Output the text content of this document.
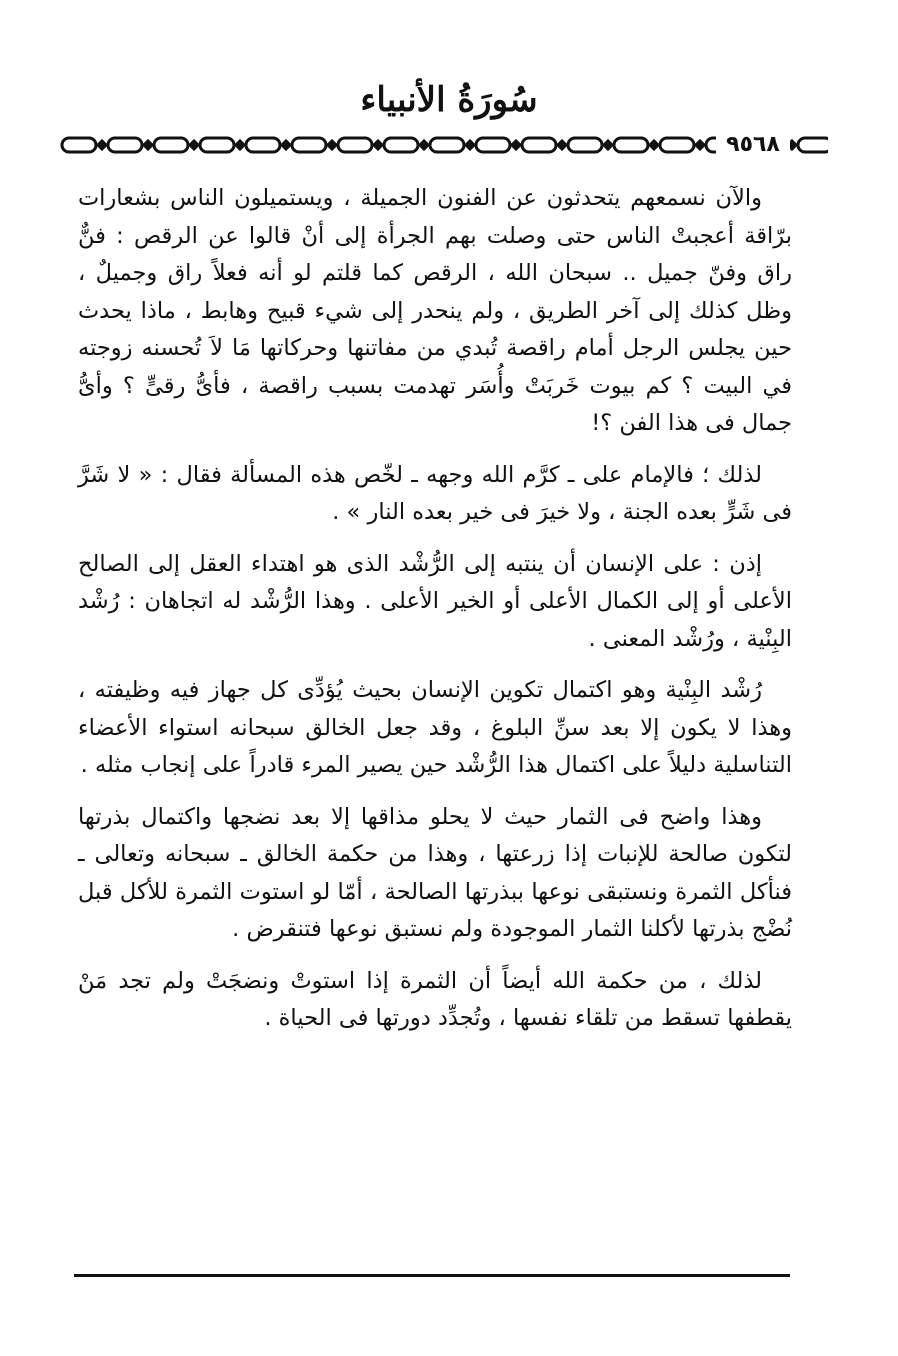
سُورَةُ الأنبياء
٩٥٦٨

والآن نسمعهم يتحدثون عن الفنون الجميلة ، ويستميلون الناس بشعارات برّاقة أعجبتْ الناس حتى وصلت بهم الجرأة إلى أنْ قالوا عن الرقص : فنٌّ راق وفنّ جميل .. سبحان الله ، الرقص كما قلتم لو أنه فعلاً راق وجميلٌ ، وظل كذلك إلى آخر الطريق ، ولم ينحدر إلى شيء قبيح وهابط ، ماذا يحدث حين يجلس الرجل أمام راقصة تُبدي من مفاتنها وحركاتها مَا لاَ تُحسنه زوجته في البيت ؟ كم بيوت خَربَتْ وأُسَر تهدمت بسبب راقصة ، فأىُّ رقىٍّ ؟ وأىُّ جمال فى هذا الفن ؟!

لذلك ؛ فالإمام على ـ كرَّم الله وجهه ـ لخّص هذه المسألة فقال : « لا شَرَّ فى شَرٍّ بعده الجنة ، ولا خيرَ فى خير بعده النار » .

إذن : على الإنسان أن ينتبه إلى الرُّشْد الذى هو اهتداء العقل إلى الصالح الأعلى أو إلى الكمال الأعلى أو الخير الأعلى . وهذا الرُّشْد له اتجاهان : رُشْد البِنْية ، ورُشْد المعنى .

رُشْد البِنْية وهو اكتمال تكوين الإنسان بحيث يُؤدِّى كل جهاز فيه وظيفته ، وهذا لا يكون إلا بعد سنِّ البلوغ ، وقد جعل الخالق سبحانه استواء الأعضاء التناسلية دليلاً على اكتمال هذا الرُّشْد حين يصير المرء قادراً على إنجاب مثله .

وهذا واضح فى الثمار حيث لا يحلو مذاقها إلا بعد نضجها واكتمال بذرتها لتكون صالحة للإنبات إذا زرعتها ، وهذا من حكمة الخالق ـ سبحانه وتعالى ـ فنأكل الثمرة ونستبقى نوعها ببذرتها الصالحة ، أمّا لو استوت الثمرة للأكل قبل نُضْج بذرتها لأكلنا الثمار الموجودة ولم نستبق نوعها فتنقرض .

لذلك ، من حكمة الله أيضاً أن الثمرة إذا استوتْ ونضجَتْ ولم تجد مَنْ يقطفها تسقط من تلقاء نفسها ، وتُجدِّد دورتها فى الحياة .
